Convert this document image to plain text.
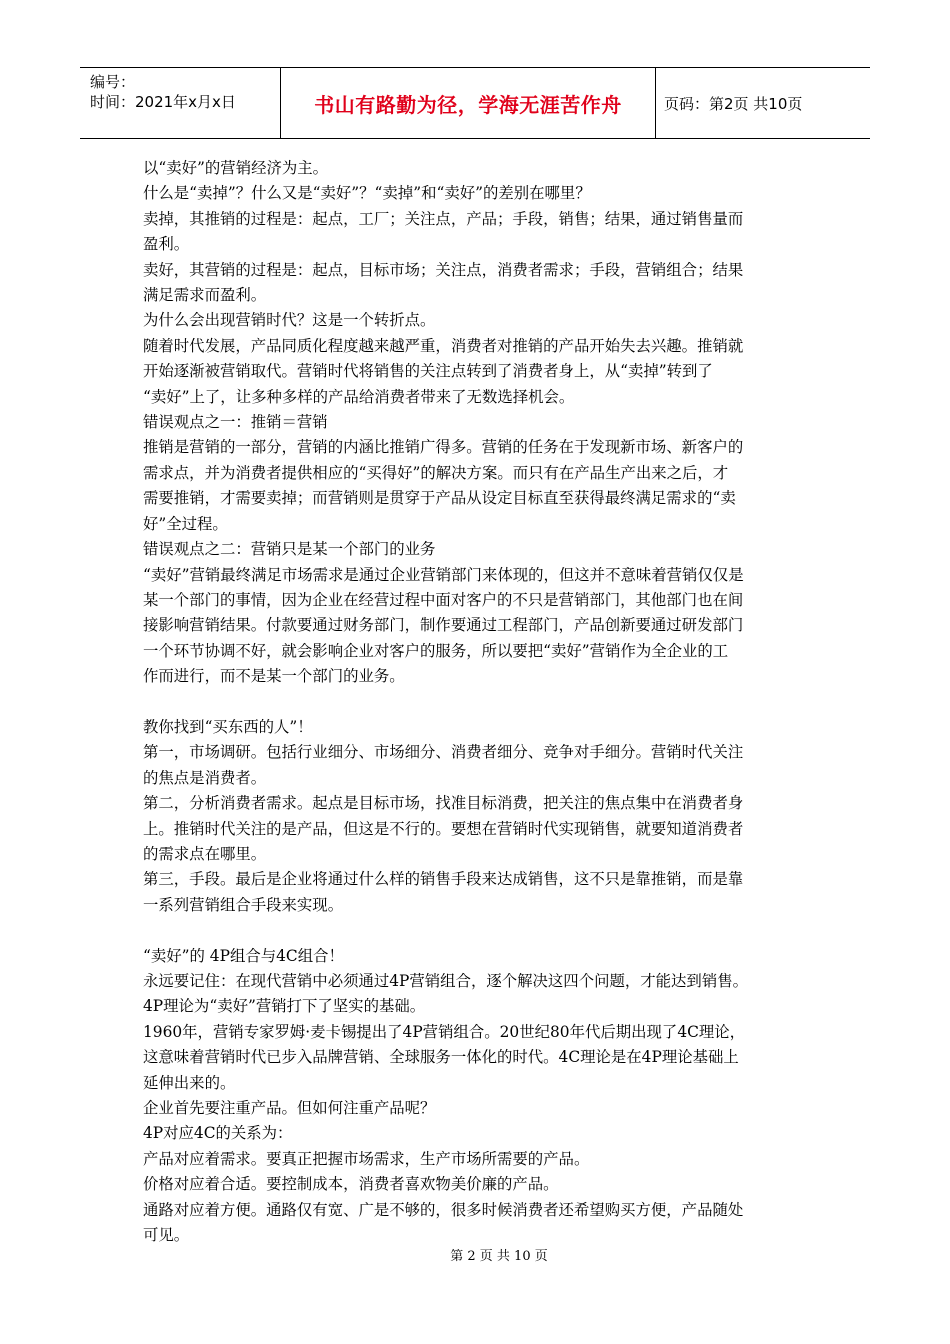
编号：
时间：2021年x月x日	书山有路勤为径，学海无涯苦作舟	页码：第2页 共10页

以“卖好”的营销经济为主。

什么是“卖掉”？什么又是“卖好”？“卖掉”和“卖好”的差别在哪里？

卖掉，其推销的过程是：起点，工厂；关注点，产品；手段，销售；结果，通过销售量而

盈利。

卖好，其营销的过程是：起点，目标市场；关注点，消费者需求；手段，营销组合；结果

满足需求而盈利。

为什么会出现营销时代？这是一个转折点。

随着时代发展，产品同质化程度越来越严重，消费者对推销的产品开始失去兴趣。推销就

开始逐渐被营销取代。营销时代将销售的关注点转到了消费者身上，从“卖掉”转到了

“卖好”上了，让多种多样的产品给消费者带来了无数选择机会。

错误观点之一：推销＝营销

推销是营销的一部分，营销的内涵比推销广得多。营销的任务在于发现新市场、新客户的

需求点，并为消费者提供相应的“买得好”的解决方案。而只有在产品生产出来之后，才

需要推销，才需要卖掉；而营销则是贯穿于产品从设定目标直至获得最终满足需求的“卖

好”全过程。

错误观点之二：营销只是某一个部门的业务

“卖好”营销最终满足市场需求是通过企业营销部门来体现的，但这并不意味着营销仅仅是

某一个部门的事情，因为企业在经营过程中面对客户的不只是营销部门，其他部门也在间

接影响营销结果。付款要通过财务部门，制作要通过工程部门，产品创新要通过研发部门

一个环节协调不好，就会影响企业对客户的服务，所以要把“卖好”营销作为全企业的工

作而进行，而不是某一个部门的业务。

教你找到“买东西的人”！

第一，市场调研。包括行业细分、市场细分、消费者细分、竞争对手细分。营销时代关注

的焦点是消费者。

第二，分析消费者需求。起点是目标市场，找准目标消费，把关注的焦点集中在消费者身

上。推销时代关注的是产品，但这是不行的。要想在营销时代实现销售，就要知道消费者

的需求点在哪里。

第三，手段。最后是企业将通过什么样的销售手段来达成销售，这不只是靠推销，而是靠

一系列营销组合手段来实现。

“卖好”的 4P组合与4C组合！

永远要记住：在现代营销中必须通过4P营销组合，逐个解决这四个问题，才能达到销售。

4P理论为“卖好”营销打下了坚实的基础。

1960年，营销专家罗姆·麦卡锡提出了4P营销组合。20世纪80年代后期出现了4C理论，

这意味着营销时代已步入品牌营销、全球服务一体化的时代。4C理论是在4P理论基础上

延伸出来的。

企业首先要注重产品。但如何注重产品呢？

4P对应4C的关系为：

产品对应着需求。要真正把握市场需求，生产市场所需要的产品。

价格对应着合适。要控制成本，消费者喜欢物美价廉的产品。

通路对应着方便。通路仅有宽、广是不够的，很多时候消费者还希望购买方便，产品随处

可见。

第 2 页 共 10 页
